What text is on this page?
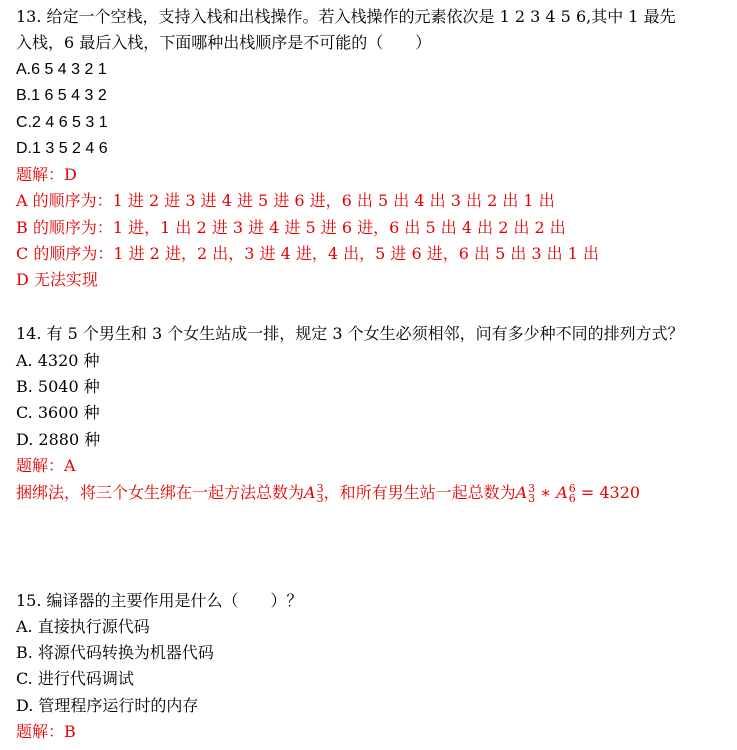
13. 给定一个空栈，支持入栈和出栈操作。若入栈操作的元素依次是 1 2 3 4 5 6,其中 1 最先
入栈，6 最后入栈，下面哪种出栈顺序是不可能的（　　）
A.6 5 4 3 2 1
B.1 6 5 4 3 2
C.2 4 6 5 3 1
D.1 3 5 2 4 6
题解：D
A 的顺序为：1 进 2 进 3 进 4 进 5 进 6 进，6 出 5 出 4 出 3 出 2 出 1 出
B 的顺序为：1 进，1 出 2 进 3 进 4 进 5 进 6 进，6 出 5 出 4 出 2 出 2 出
C 的顺序为：1 进 2 进，2 出，3 进 4 进，4 出，5 进 6 进，6 出 5 出 3 出 1 出
D 无法实现
14. 有 5 个男生和 3 个女生站成一排，规定 3 个女生必须相邻，问有多少种不同的排列方式？
A. 4320 种
B. 5040 种
C. 3600 种
D. 2880 种
题解：A
捆绑法，将三个女生绑在一起方法总数为A 3
3 ，和所有男生站一起总数为A 3
3 ∗ A 6
6 = 4320
15. 编译器的主要作用是什么（　　）？
A. 直接执行源代码
B. 将源代码转换为机器代码
C. 进行代码调试
D. 管理程序运行时的内存
题解：B
